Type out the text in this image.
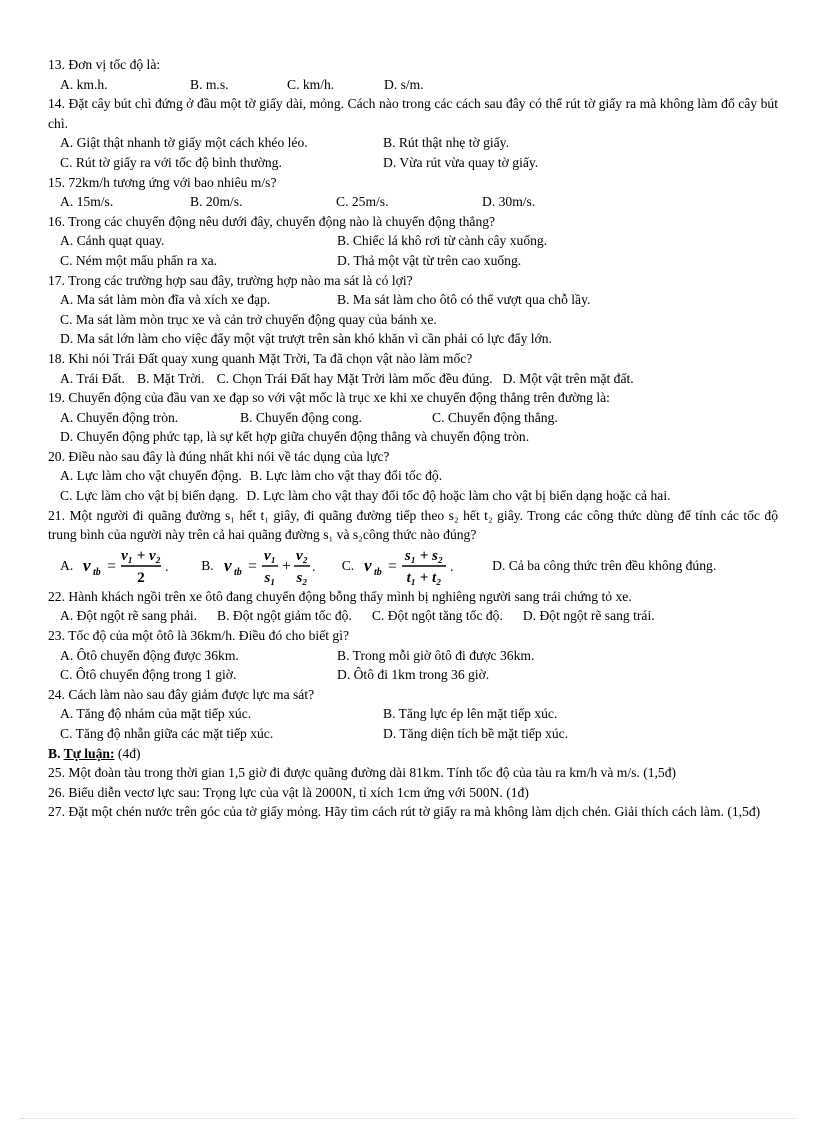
13. Đơn vị tốc độ là:
A. km.h.	B. m.s.	C. km/h.	D. s/m.
14. Đặt cây bút chì đứng ở đầu một tờ giấy dài, mỏng. Cách nào trong các cách sau đây có thể rút tờ giấy ra mà không làm đổ cây bút chì.
A. Giật thật nhanh tờ giấy một cách khéo léo.	B. Rút thật nhẹ tờ giấy.
C. Rút tờ giấy ra với tốc độ bình thường.	D. Vừa rút vừa quay tờ giấy.
15. 72km/h tương ứng với bao nhiêu m/s?
A. 15m/s.	B. 20m/s.	C. 25m/s.	D. 30m/s.
16. Trong các chuyển động nêu dưới đây, chuyển động nào là chuyển động thẳng?
A. Cánh quạt quay.	B. Chiếc lá khô rơi từ cành cây xuống.
C. Ném một mẩu phấn ra xa.	D. Thả một vật từ trên cao xuống.
17. Trong các trường hợp sau đây, trường hợp nào ma sát là có lợi?
A. Ma sát làm mòn đĩa và xích xe đạp.	B. Ma sát làm cho ôtô có thể vượt qua chỗ lầy.
C. Ma sát làm mòn trục xe và cản trở chuyển động quay của bánh xe.
D. Ma sát lớn làm cho việc đẩy một vật trượt trên sàn khó khăn vì cần phải có lực đẩy lớn.
18. Khi nói Trái Đất quay xung quanh Mặt Trời, Ta đã chọn vật nào làm mốc?
A. Trái Đất. B. Mặt Trời. C. Chọn Trái Đất hay Mặt Trời làm mốc đều đúng. D. Một vật trên mặt đất.
19. Chuyển động của đầu van xe đạp so với vật mốc là trục xe khi xe chuyển động thẳng trên đường là:
A. Chuyển động tròn.	B. Chuyển động cong.	C. Chuyển động thẳng.
D. Chuyển động phức tạp, là sự kết hợp giữa chuyển động thẳng và chuyển động tròn.
20. Điều nào sau đây là đúng nhất khi nói về tác dụng của lực?
A. Lực làm cho vật chuyển động. B. Lực làm cho vật thay đổi tốc độ.
C. Lực làm cho vật bị biến dạng. D. Lực làm cho vật thay đổi tốc độ hoặc làm cho vật bị biến dạng hoặc cả hai.
21. Một người đi quãng đường s₁ hết t₁ giây, đi quãng đường tiếp theo s₂ hết t₂ giây. Trong các công thức dùng để tính các tốc độ trung bình của người này trên cả hai quãng đường s₁ và s₂công thức nào đúng?
A. v tb =
v₁ + v₂
2
. B. v tb =
v₁
s₁
+
v₂
s₂
. C. v tb =
s₁ + s₂
t₁ + t₂
.	D. Cả ba công thức trên đều không đúng.
22. Hành khách ngồi trên xe ôtô đang chuyển động bỗng thấy mình bị nghiêng người sang trái chứng tỏ xe.
A. Đột ngột rẽ sang phải. B. Đột ngột giảm tốc độ. C. Đột ngột tăng tốc độ. D. Đột ngột rẽ sang trái.
23. Tốc độ của một ôtô là 36km/h. Điều đó cho biết gì?
A. Ôtô chuyển động được 36km.	B. Trong mỗi giờ ôtô đi được 36km.
C. Ôtô chuyển động trong 1 giờ.	D. Ôtô đi 1km trong 36 giờ.
24. Cách làm nào sau đây giảm được lực ma sát?
A. Tăng độ nhám của mặt tiếp xúc.	B. Tăng lực ép lên mặt tiếp xúc.
C. Tăng độ nhẵn giữa các mặt tiếp xúc.	D. Tăng diện tích bề mặt tiếp xúc.
B. Tự luận: (4đ)
25. Một đoàn tàu trong thời gian 1,5 giờ đi được quãng đường dài 81km. Tính tốc độ của tàu ra km/h và m/s. (1,5đ)
26. Biểu diễn vectơ lực sau: Trọng lực của vật là 2000N, tỉ xích 1cm ứng với 500N. (1đ)
27. Đặt một chén nước trên góc của tờ giấy mỏng. Hãy tìm cách rút tờ giấy ra mà không làm dịch chén. Giải thích cách làm. (1,5đ)
